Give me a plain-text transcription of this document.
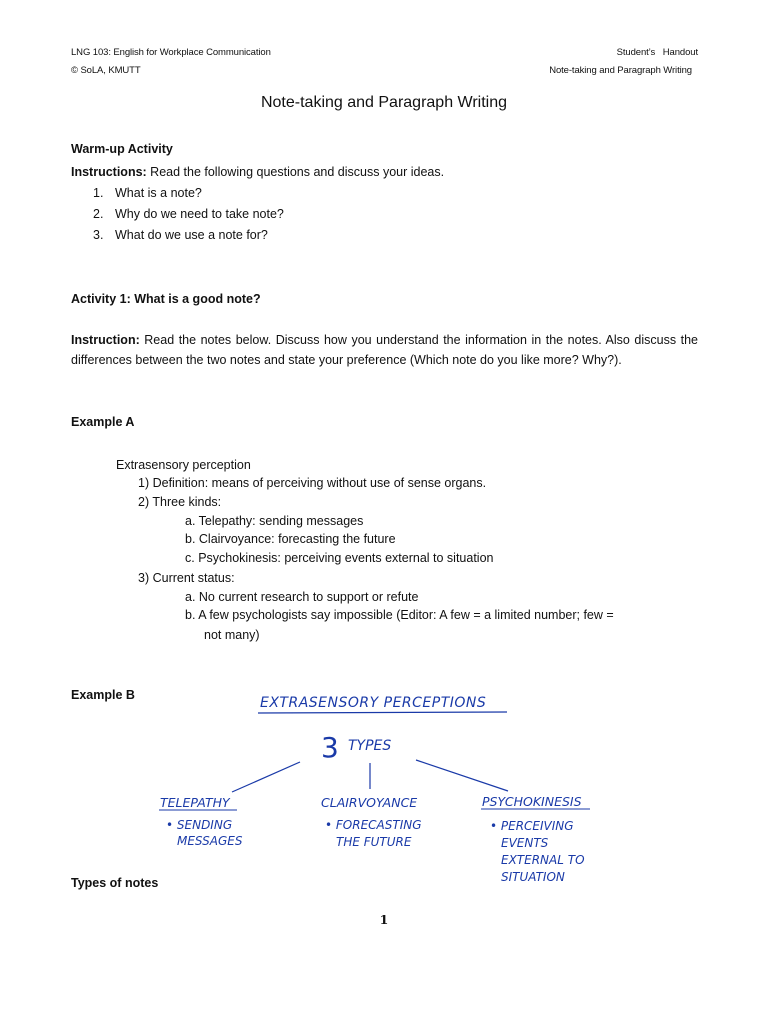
LNG 103: English for Workplace Communication
© SoLA, KMUTT
Student’s   Handout
Note-taking and Paragraph Writing
Note-taking and Paragraph Writing
Warm-up Activity
Instructions: Read the following questions and discuss your ideas.
1. What is a note?
2. Why do we need to take note?
3. What do we use a note for?
Activity 1: What is a good note?
Instruction: Read the notes below. Discuss how you understand the information in the notes. Also discuss the differences between the two notes and state your preference (Which note do you like more? Why?).
Example A
Extrasensory perception
1) Definition: means of perceiving without use of sense organs.
2) Three kinds:
a. Telepathy: sending messages
b. Clairvoyance: forecasting the future
c. Psychokinesis: perceiving events external to situation
3) Current status:
a. No current research to support or refute
b. A few psychologists say impossible (Editor: A few = a limited number; few =
not many)
Example B	EXTRASENSORY PERCEPTIONS
3 TYPES
TELEPATHY
• SENDING
MESSAGES
CLAIRVOYANCE
• FORECASTING
THE FUTURE
PSYCHOKINESIS
• PERCEIVING
EVENTS
EXTERNAL TO
SITUATION
Types of notes
1
